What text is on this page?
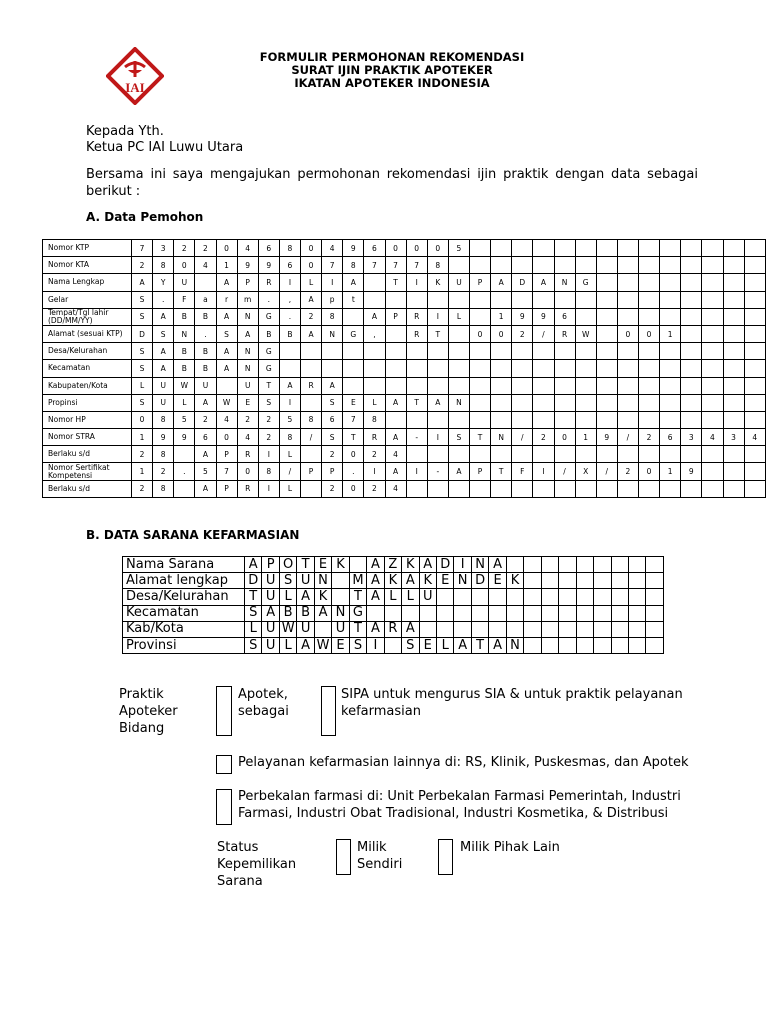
IAI
FORMULIR PERMOHONAN REKOMENDASI
SURAT IJIN PRAKTIK APOTEKER
IKATAN APOTEKER INDONESIA
Kepada Yth.
Ketua PC IAI Luwu Utara
Bersama ini saya mengajukan permohonan rekomendasi ijin praktik dengan data sebagai
berikut :
A. Data Pemohon
Nomor KTP	7	3	2	2	0	4	6	8	0	4	9	6	0	0	0	5														
Nomor KTA	2	8	0	4	1	9	9	6	0	7	8	7	7	7	8															
Nama Lengkap	A	Y	U		A	P	R	I	L	I	A		T	I	K	U	P	A	D	A	N	G								
Gelar	S	.	F	a	r	m	.	,	A	p	t																			
Tempat/Tgl lahir (DD/MM/YY)	S	A	B	B	A	N	G	.	2	8		A	P	R	I	L		1	9	9	6									
Alamat (sesuai KTP)	D	S	N	.	S	A	B	B	A	N	G	,		R	T		0	0	2	/	R	W		0	0	1				
Desa/Kelurahan	S	A	B	B	A	N	G																							
Kecamatan	S	A	B	B	A	N	G																							
Kabupaten/Kota	L	U	W	U		U	T	A	R	A																				
Propinsi	S	U	L	A	W	E	S	I		S	E	L	A	T	A	N														
Nomor HP	0	8	5	2	4	2	2	5	8	6	7	8																		
Nomor STRA	1	9	9	6	0	4	2	8	/	S	T	R	A	-	I	S	T	N	/	2	0	1	9	/	2	6	3	4	3	4
Berlaku s/d	2	8		A	P	R	I	L		2	0	2	4																	
Nomor Sertifikat Kompetensi	1	2	.	5	7	0	8	/	P	P	.	I	A	I	-	A	P	T	F	I	/	X	/	2	0	1	9			
Berlaku s/d	2	8		A	P	R	I	L		2	0	2	4																	
B. DATA SARANA KEFARMASIAN
Nama Sarana	A	P	O	T	E	K		A	Z	K	A	D	I	N	A									
Alamat lengkap	D	U	S	U	N		M	A	K	A	K	E	N	D	E	K								
Desa/Kelurahan	T	U	L	A	K		T	A	L	L	U													
Kecamatan	S	A	B	B	A	N	G																	
Kab/Kota	L	U	W	U		U	T	A	R	A														
Provinsi	S	U	L	A	W	E	S	I		S	E	L	A	T	A	N								
Praktik
Apoteker
Bidang
Apotek,
sebagai
SIPA untuk mengurus SIA & untuk praktik pelayanan
kefarmasian
Pelayanan kefarmasian lainnya di: RS, Klinik, Puskesmas, dan Apotek
Perbekalan farmasi di: Unit Perbekalan Farmasi Pemerintah, Industri
Farmasi, Industri Obat Tradisional, Industri Kosmetika, & Distribusi
Status
Kepemilikan
Sarana
Milik
Sendiri
Milik Pihak Lain
